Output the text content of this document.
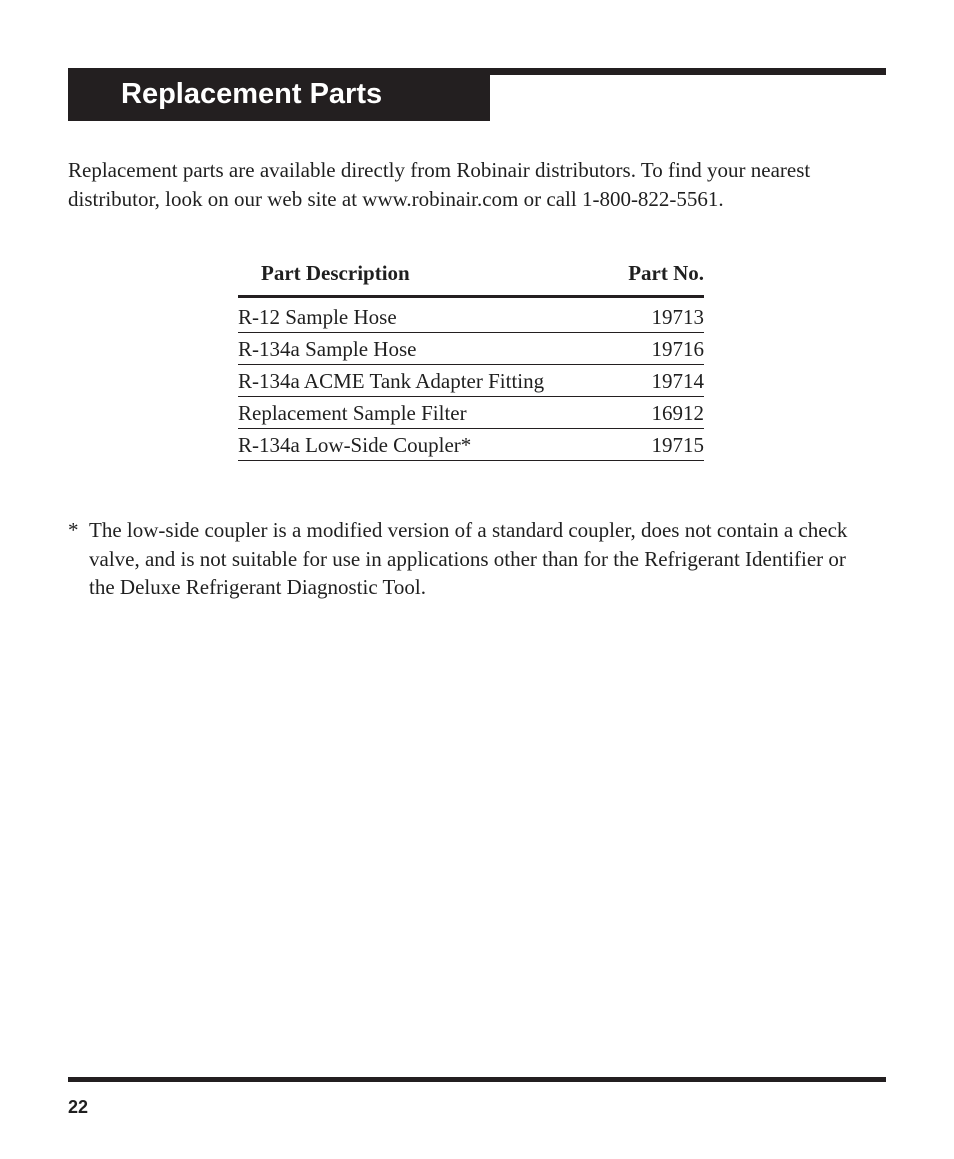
Replacement Parts

Replacement parts are available directly from Robinair distributors. To find your nearest distributor, look on our web site at www.robinair.com or call 1-800-822-5561.

Part Description	Part No.
R-12 Sample Hose	19713
R-134a Sample Hose	19716
R-134a ACME Tank Adapter Fitting	19714
Replacement Sample Filter	16912
R-134a Low-Side Coupler*	19715
* The low-side coupler is a modified version of a standard coupler, does not contain a check valve, and is not suitable for use in applications other than for the Refrigerant Identifier or the Deluxe Refrigerant Diagnostic Tool.

22
